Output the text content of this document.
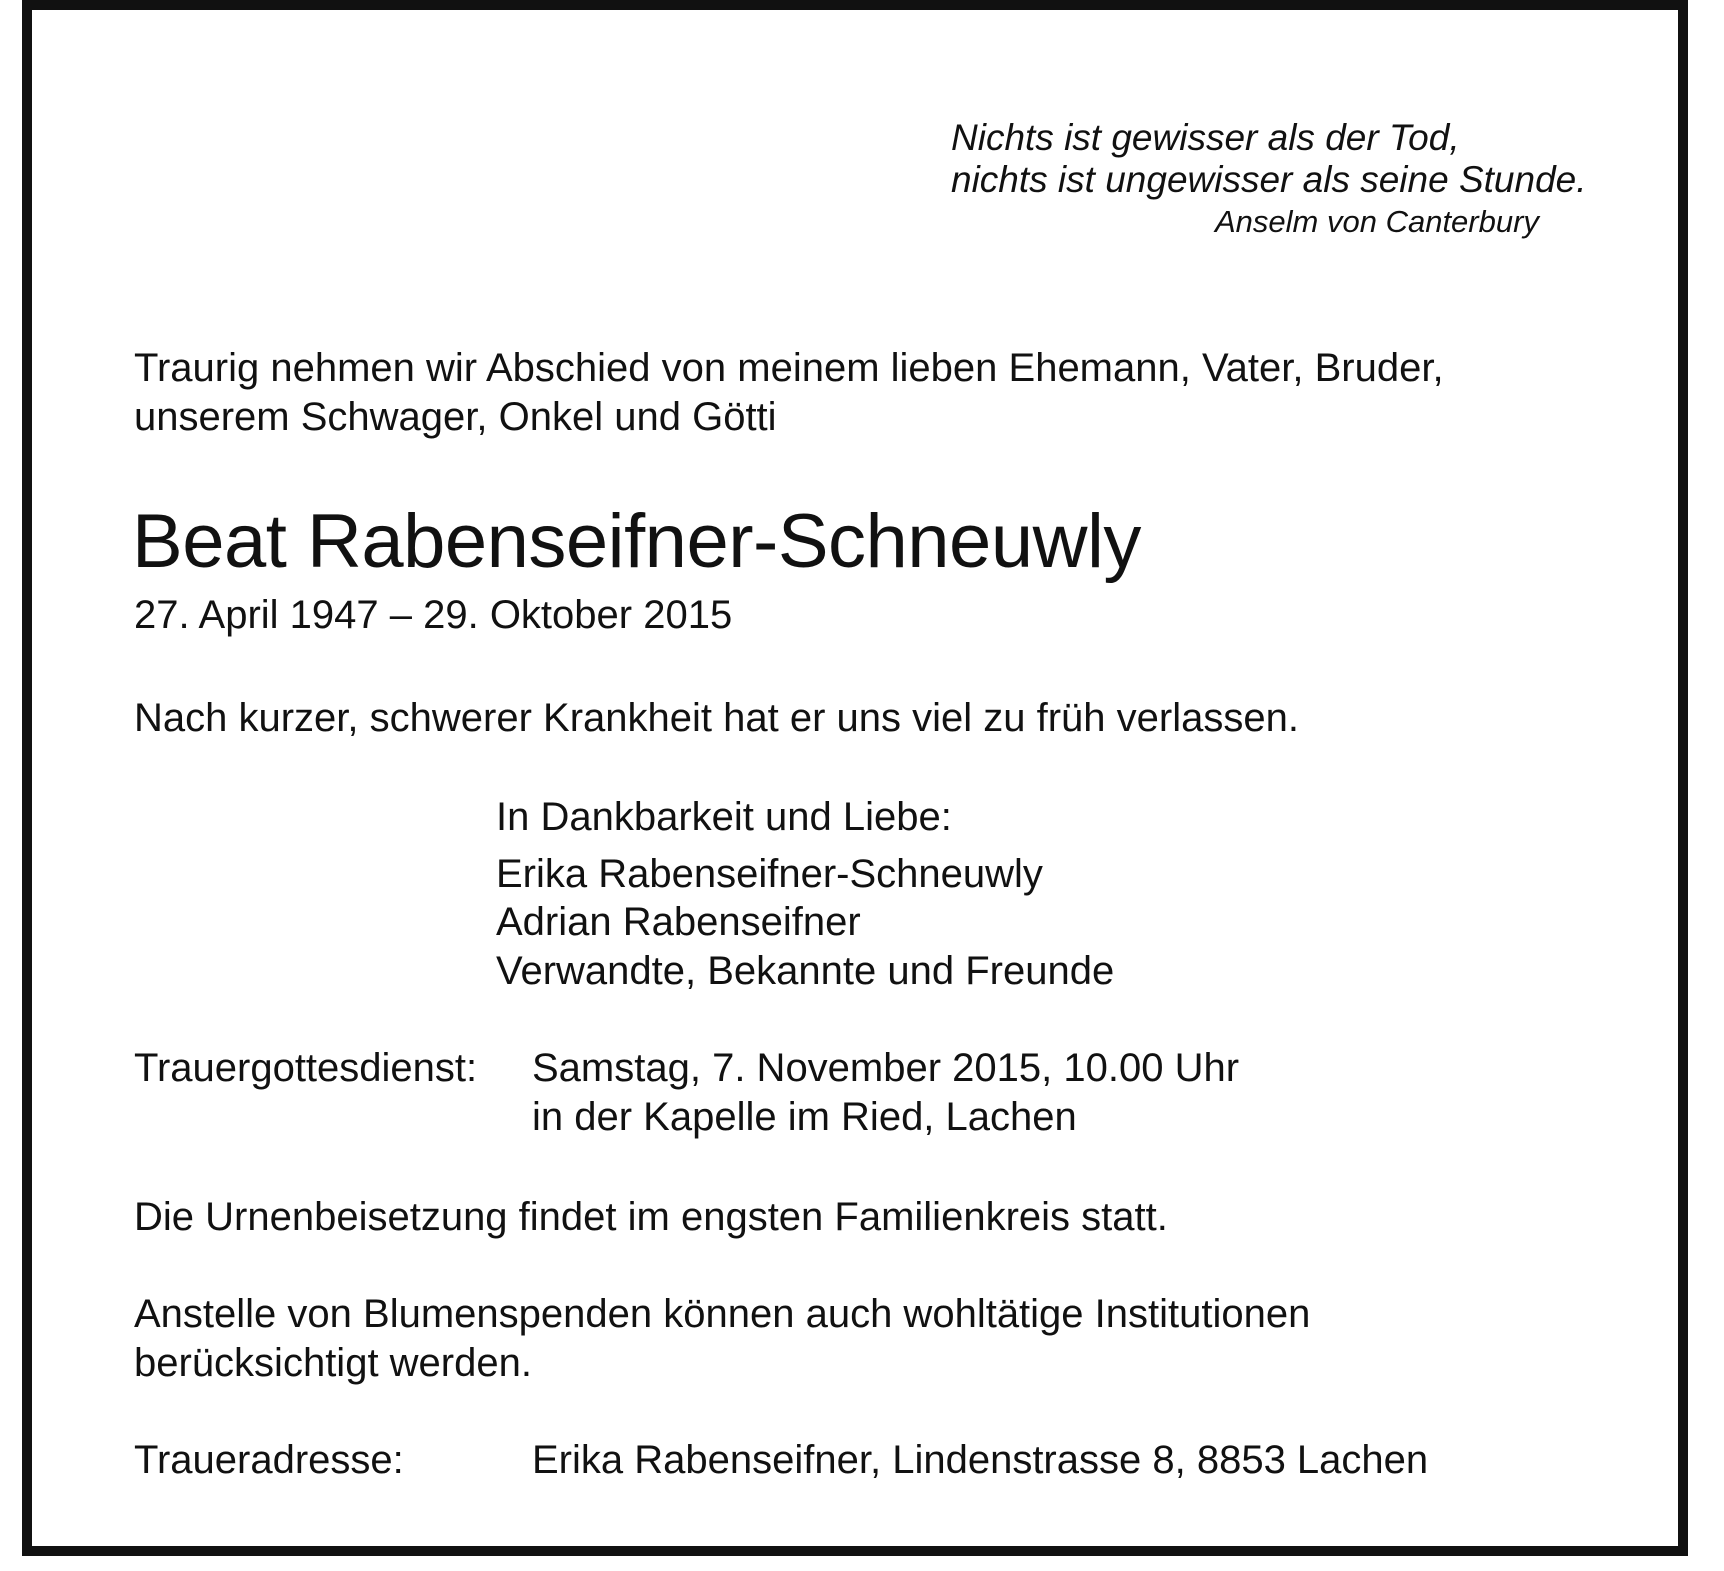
Nichts ist gewisser als der Tod,
nichts ist ungewisser als seine Stunde.
Anselm von Canterbury
Traurig nehmen wir Abschied von meinem lieben Ehemann, Vater, Bruder,
unserem Schwager, Onkel und Götti
Beat Rabenseifner-Schneuwly
27. April 1947 – 29. Oktober 2015
Nach kurzer, schwerer Krankheit hat er uns viel zu früh verlassen.
In Dankbarkeit und Liebe:
Erika Rabenseifner-Schneuwly
Adrian Rabenseifner
Verwandte, Bekannte und Freunde
Trauergottesdienst: Samstag, 7. November 2015, 10.00 Uhr
in der Kapelle im Ried, Lachen
Die Urnenbeisetzung findet im engsten Familienkreis statt.
Anstelle von Blumenspenden können auch wohltätige Institutionen
berücksichtigt werden.
Traueradresse:	Erika Rabenseifner, Lindenstrasse 8, 8853 Lachen
